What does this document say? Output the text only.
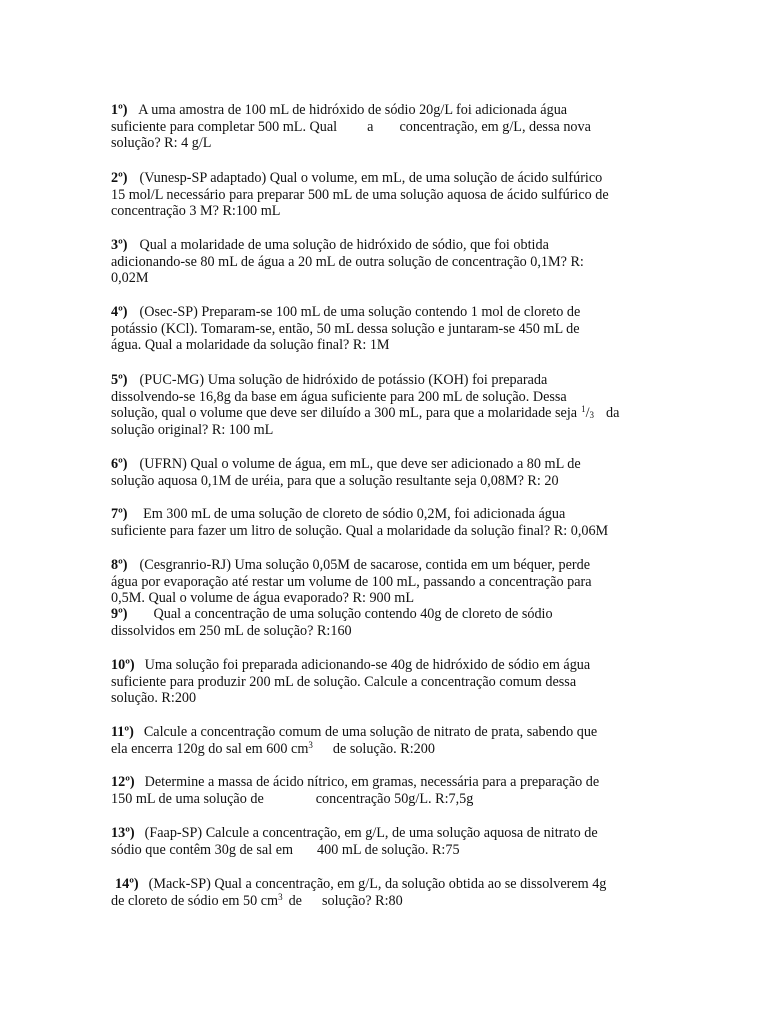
1º) A uma amostra de 100 mL de hidróxido de sódio 20g/L foi adicionada água
suficiente para completar 500 mL. Qual a concentração, em g/L, dessa nova
solução? R: 4 g/L
2º) (Vunesp-SP adaptado) Qual o volume, em mL, de uma solução de ácido sulfúrico
15 mol/L necessário para preparar 500 mL de uma solução aquosa de ácido sulfúrico de
concentração 3 M? R:100 mL
3º) Qual a molaridade de uma solução de hidróxido de sódio, que foi obtida
adicionando-se 80 mL de água a 20 mL de outra solução de concentração 0,1M? R:
0,02M
4º) (Osec-SP) Preparam-se 100 mL de uma solução contendo 1 mol de cloreto de
potássio (KCl). Tomaram-se, então, 50 mL dessa solução e juntaram-se 450 mL de
água. Qual a molaridade da solução final? R: 1M
5º) (PUC-MG) Uma solução de hidróxido de potássio (KOH) foi preparada
dissolvendo-se 16,8g da base em água suficiente para 200 mL de solução. Dessa
solução, qual o volume que deve ser diluído a 300 mL, para que a molaridade seja $^1/_3$ da
solução original? R: 100 mL
6º) (UFRN) Qual o volume de água, em mL, que deve ser adicionado a 80 mL de
solução aquosa 0,1M de uréia, para que a solução resultante seja 0,08M? R: 20
7º) Em 300 mL de uma solução de cloreto de sódio 0,2M, foi adicionada água
suficiente para fazer um litro de solução. Qual a molaridade da solução final? R: 0,06M
8º) (Cesgranrio-RJ) Uma solução 0,05M de sacarose, contida em um béquer, perde
água por evaporação até restar um volume de 100 mL, passando a concentração para
0,5M. Qual o volume de água evaporado? R: 900 mL
9º) Qual a concentração de uma solução contendo 40g de cloreto de sódio
dissolvidos em 250 mL de solução? R:160
10º) Uma solução foi preparada adicionando-se 40g de hidróxido de sódio em água
suficiente para produzir 200 mL de solução. Calcule a concentração comum dessa
solução. R:200
11º) Calcule a concentração comum de uma solução de nitrato de prata, sabendo que
ela encerra 120g do sal em 600 $cm^3$ de solução. R:200
12º) Determine a massa de ácido nítrico, em gramas, necessária para a preparação de
150 mL de uma solução de	concentração 50g/L. R:7,5g
13º) (Faap-SP) Calcule a concentração, em g/L, de uma solução aquosa de nitrato de
sódio que contêm 30g de sal em 400 mL de solução. R:75
14º) (Mack-SP) Qual a concentração, em g/L, da solução obtida ao se dissolverem 4g
de cloreto de sódio em 50 $cm^3$ de solução? R:80
